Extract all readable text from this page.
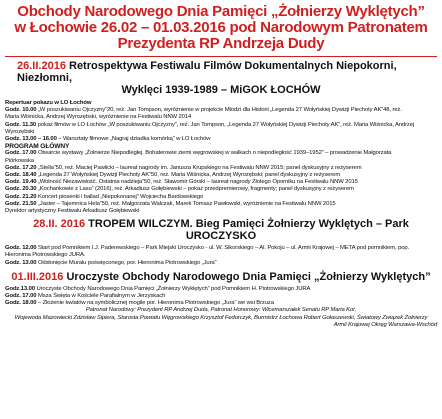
Obchody Narodowego Dnia Pamięci „Żołnierzy Wyklętych”
w Łochowie 26.02 – 01.03.2016 pod Narodowym Patronatem
Prezydenta RP Andrzeja Dudy
26.II.2016 Retrospektywa Festiwalu Filmów Dokumentalnych Niepokorni, Niezłomni,
Wyklęci 1939-1989 – MiGOK ŁOCHÓW
Repertuar pokazu w LO Łochów
Godz. 10.00 „W poszukiwaniu Ojczyzny”20, reż. Jan Tompson, wyróżnienie w projekcie Młodzi dla Historii „Legenda 27 Wołyńskiej Dywizji Piechoty AK”48, reż.
Maria Wiśnicka, Andrzej Wyrozębski, wyróżnienie na Festiwalu NNW 2014
Godz. 11.30 pokaz filmów w LO Łochów „W poszukiwaniu Ojczyzny”, reż. Jan Tompson, „Legenda 27 Wołyńskiej Dywizji Piechoty AK”, reż. Maria Wiśnicka, Andrzej
Wyrozębski
Godz. 13.00 – 16.00 – Warsztaty filmowe „Nagraj dziadka komórką” w LO Łochów
PROGRAM GŁÓWNY
Godz. 17.00 Otwarcie wystawy „Żołnierze Niepodległej. Bohaterowie ziemi węgrowskiej w walkach o niepodległość 1939–1952” – prowadzenie Małgorzata
Piórkowska
Godz. 17.20 „Stella”50, reż. Maciej Pawlicki – laureat nagrody im. Janusza Krupskiego na Festiwalu NNW 2015; panel dyskusyjny z reżyserem
Godz. 18.40 „Legenda 27 Wołyńskiej Dywizji Piechoty AK”50, reż. Maria Wiśnicka, Andrzej Wyrozębski; panel dyskusyjny z reżyserem
Godz. 19.40 „Wolność Niezawisłość. Ostatnia nadzieja”50, reż. Sławomir Górski – laureat nagrody Złotego Oporniku na Festiwalu NNW 2015
Godz. 20.30 „Kochankowie z Lasu” (2016), reż. Arkadiusz Gołębiewski – pokaz przedpremierowy, fragmenty; panel dyskusyjny z reżyserem
Godz. 21.20 Koncert piosenki i ballad „Niepokonanej” Wojciecha Bardowskiego
Godz. 21.50 „Jaster – Tajemnica Hela”50, reż. Małgorzata Walczak, Marek Tomasz Pawłowski, wyróżnienie na Festiwalu NNW 2015
Dyrektor artystyczny Festiwalu Arkadiusz Gołębiewski
28.II. 2016 TROPEM WILCZYM. Bieg Pamięci Żołnierzy Wyklętych – Park UROCZYSKO
Godz. 12.00 Start pod Pomnikiem I.J. Paderewskiego – Park Miejski Uroczysko - ul. W. Sikorskiego – Al. Pokoju – ul. Armii Krajowej – META pod pomnikiem, pор.
Hieronima Piotrowskiego JURA.
Godz. 13.00 Odsłonięcie Muralu poświęconego, por. Hieronima Piotrowskiego „Jura”
01.III.2016 Uroczyste Obchody Narodowego Dnia Pamięci „Żołnierzy Wyklętych”
Godz.13.00 Uroczyste Obchody Narodowego Dnia Pamięci „Żołnierzy Wyklętych” pod Pomnikiem H. Piotrowskiego JURA
Godz. 17.00 Msza Święta w Kościele Parafialnym w Jerzyskach
Godz. 18.00 – Złożenie kwiatów na symbolicznej mogile por. Hieronima Piotrowskiego „Jura” we wsi Brzuza
Patronat Narodowy: Prezydent RP Andrzej Duda, Patronat Honorowy: Wicemarszałek Senatu RP Maria Kor,
Wojewoda Mazowiecki Zdzisław Sipiera, Starosta Powiatu Węgrowskiego Krzysztof Fedorczyk, Burmistrz Łochowa Robert Gołaszewski, Światowy Związek Żołnierzy
Armii Krajowej Okręg Warszawa-Wschód
